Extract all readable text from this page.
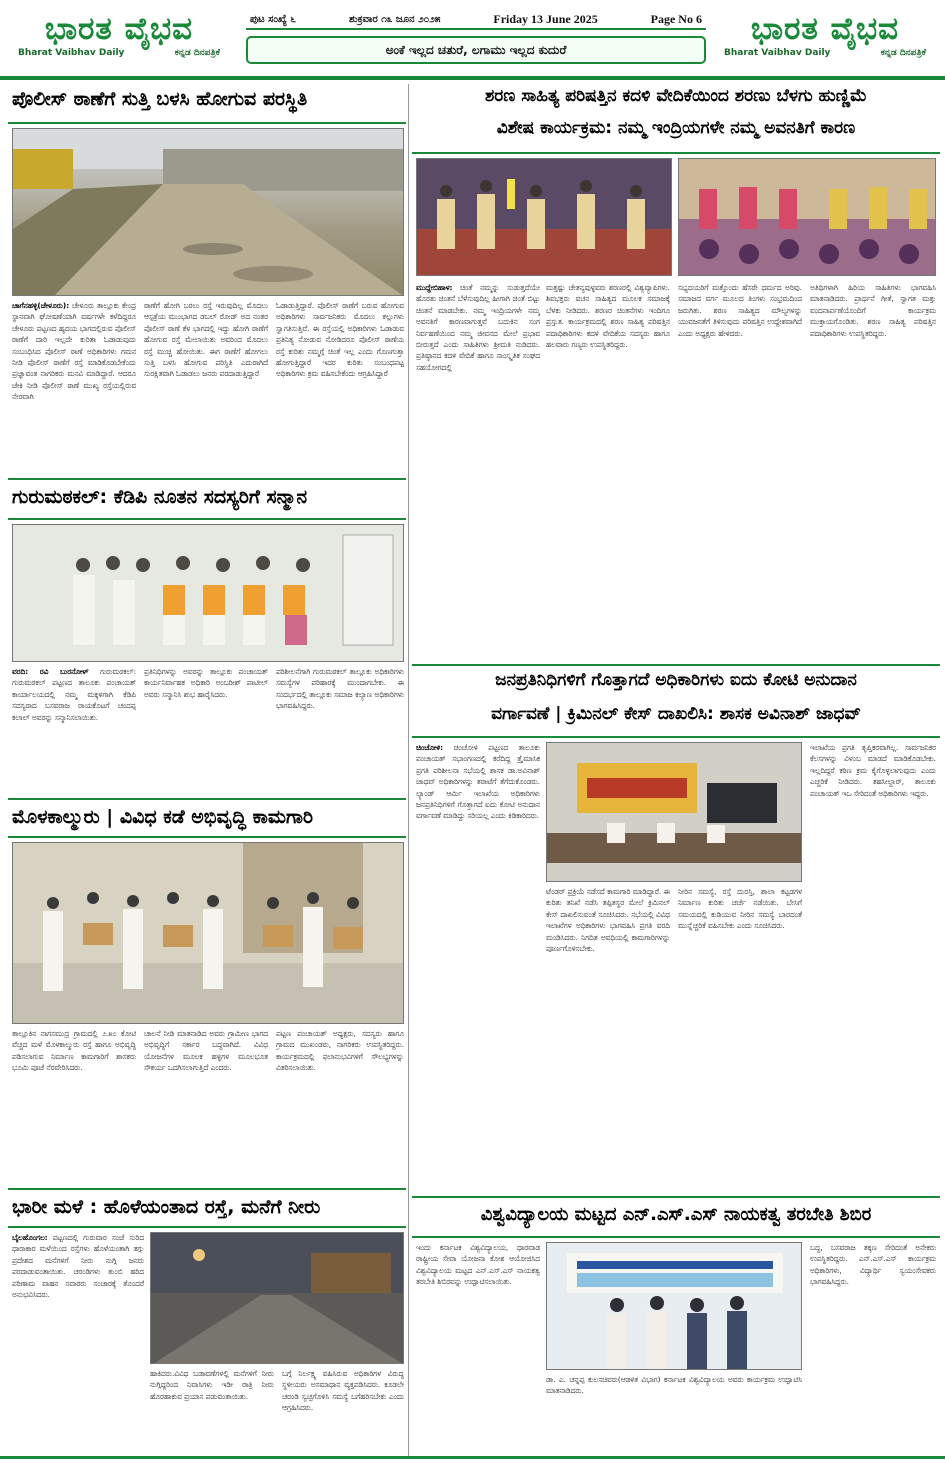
ಭಾರತ ವೈಭವ
Bharat Vaibhav Daily	ಕನ್ನಡ ದಿನಪತ್ರಿಕೆ
ಪುಟ ಸಂಖ್ಯೆ ೬	ಶುಕ್ರವಾರ ೧೩ ಜೂನ ೨೦೨೫	Friday 13 June 2025	Page No 6
ಅಂಕೆ ಇಲ್ಲದ ಚತುರೆ, ಲಗಾಮು ಇಲ್ಲದ ಕುದುರೆ
ಭಾರತ ವೈಭವ
Bharat Vaibhav Daily	ಕನ್ನಡ ದಿನಪತ್ರಿಕೆ
ಪೊಲೀಸ್ ಠಾಣೆಗೆ ಸುತ್ತಿ ಬಳಸಿ ಹೋಗುವ ಪರಸ್ಥಿತಿ
ಚಾಗೆನಹಳ್ಳಿ(ಚೇಳೂರು): ಚೇಳೂರು ತಾಲ್ಲೂಕು ಕೇಂದ್ರ ಸ್ಥಾನವಾಗಿ ಘೋಷಣೆಯಾಗಿ ವರ್ಷಗಳೇ ಕಳೆದಿದ್ದರೂ ಚೇಳೂರು ಪಟ್ಟಣದ ಹೃದಯ ಭಾಗದಲ್ಲಿರುವ ಪೊಲೀಸ್ ಠಾಣೆಗೆ ದಾರಿ ಇಲ್ಲದೇ ಕುರಿತಾ ಓಡಾಡುವುದು ಸಂಬಂಧಿಸಿದ ಪೊಲೀಸ್ ಠಾಣೆ ಅಧಿಕಾರಿಗಳು ಗಮನ ನೀಡಿ ಪೊಲೀಸ್ ಠಾಣೆಗೆ ರಸ್ತೆ ಮಾಡಿಕೊಡಬೇಕೆಂದು ಪ್ರಜ್ಞಾವಂತ ನಾಗರಿಕರು ಮನವಿ ಮಾಡಿದ್ದಾರೆ. ಆದರೂ ಜೇಕಿ ನೀಡಿ ಪೊಲೀಸ್ ಠಾಣೆ ಮುಖ್ಯ ರಸ್ತೆಯಲ್ಲಿರುವ ನೇರವಾಗಿ
ಠಾಣೆಗೆ ಹೋಗಿ ಬರಲು ರಸ್ತೆ ಇರುವುದಿಲ್ಲ ಮೊದಲು ಆಸ್ಪತ್ರೆಯ ಮುಂಭಾಗದ ಡಬಲ್ ರೋಡ್ ಅದ ನಂತರ ಪೊಲೀಸ್ ಠಾಣೆ ಕೆಳ ಭಾಗದಲ್ಲಿ ಇದ್ದು ಹೋಗಿ ಠಾಣೆಗೆ ಹೋಗುವ ರಸ್ತೆ ಮೇಲಾಯಿತು ಅವರಿಂದ ಮೊದಲು ರಸ್ತೆ ಮುಚ್ಚಿ ಹೋಯಿತು. ಈಗ ಠಾಣೆಗೆ ಹೋಗಲು ಸುತ್ತಿ ಬಳಸಿ ಹೋಗುವ ಪರಿಸ್ಥಿತಿ ಎದುರಾಗಿದೆ ಸುರಕ್ಷಿತವಾಗಿ ಓಡಾಡಲು ಜನರು ಪರದಾಡುತ್ತಿದ್ದಾರೆ
ಓಡಾಡುತ್ತಿದ್ದಾರೆ. ಪೊಲೀಸ್ ಠಾಣೆಗೆ ಬರುವ ಹೋಗುವ ಅಧಿಕಾರಿಗಳು ಸಾರ್ವಜನಿಕರು ಮೊದಲು ಕಲ್ಲುಗಳು ಸ್ವಾಗತಿಸುತ್ತಿವೆ. ಈ ರಸ್ತೆಯಲ್ಲಿ ಅಧಿಕಾರಿಗಳು ಓಡಾಡುವ ಪ್ರತಿನಿತ್ಯ ನೋಡುವ ನೋಡಿದರೂ ಪೊಲೀಸ್ ಠಾಣೆಯ ರಸ್ತೆ ಕುರಿತು ನಮ್ಮಗ್ಗೆ ಚಿಂತೆ ಇಲ್ಲ ಎಂದು ಗೊಣಗುತ್ತಾ ಹೋಗುತ್ತಿದ್ದಾರೆ ಇದರ ಕುರಿತು ಸಂಬಂಧಪಟ್ಟ ಅಧಿಕಾರಿಗಳು ಕ್ರಮ ವಹಿಸಬೇಕೆಂದು ಆಗ್ರಹಿಸಿದ್ದಾರೆ
ಗುರುಮಠಕಲ್: ಕೆಡಿಪಿ ನೂತನ ಸದಸ್ಯರಿಗೆ ಸನ್ಮಾನ
ವರದಿ: ರವಿ ಬುರನೋಳ್ ಗುರುಮಠಕಲ್: ಗುರುಮಠಕಲ್ ಪಟ್ಟಣದ ತಾಲೂಕು ಪಂಚಾಯತ್ ಕಾರ್ಯಾಲಯದಲ್ಲಿ ನಮ್ಮ ಮಕ್ಕಳಿಗಾಗಿ ಕೆಡಿಪಿ ಸದಸ್ಯರಾದ ಬಸವರಾಜ ರಾಯಕೊಟಗೆ ಚಂದಪ್ಪ ಕಲಾಲ್ ಅವರನ್ನು ಸನ್ಮಾನಿಸಲಾಯಿತು.
ಪ್ರತಿನಿಧಿಗಳನ್ನು ಅವರನ್ನು ತಾಲ್ಲೂಕು ಪಂಚಾಯತ್ ಕಾರ್ಯನಿರ್ವಾಹಕ ಅಧಿಕಾರಿ ಅಂಬರೀಶ್ ಪಾಟೀಲ್ ಅವರು ಸನ್ಮಾನಿಸಿ ಶುಭ ಹಾರೈಸಿದರು.
ಪರಿಶೀಲನೆಗಾಗಿ ಗುರುಮಠಕಲ್ ತಾಲ್ಲೂಕು ಅಧಿಕಾರಿಗಳು ಸಮಸ್ಯೆಗಳ ಪರಿಹಾರಕ್ಕೆ ಮುಂದಾಗಬೇಕು. ಈ ಸಂದರ್ಭದಲ್ಲಿ ತಾಲ್ಲೂಕು ಸಮಾಜ ಕಲ್ಯಾಣ ಅಧಿಕಾರಿಗಳು ಭಾಗವಹಿಸಿದ್ದರು.
ಮೊಳಕಾಲ್ಮುರು | ವಿವಿಧ ಕಡೆ ಅಭಿವೃದ್ಧಿ ಕಾಮಗಾರಿ
ತಾಲ್ಲೂಕಿನ ನಾಗಸಮುದ್ರ ಗ್ರಾಮದಲ್ಲಿ ೨.೫೦ ಕೋಟಿ ವೆಚ್ಚದ ಮಳೆ ಮೊಳಕಾಲ್ಮುರು ರಸ್ತೆ ಹಾಗೂ ಅಭಿವೃದ್ಧಿ ಪಡಿಸಲಾಗುವ ನಿರ್ಮಾಣ ಕಾಮಗಾರಿಗೆ ಶಾಸಕರು ಭೂಮಿ ಪೂಜೆ ನೆರವೇರಿಸಿದರು.
ಚಾಲನೆ ನೀಡಿ ಮಾತನಾಡಿದ ಅವರು ಗ್ರಾಮೀಣ ಭಾಗದ ಅಭಿವೃದ್ಧಿಗೆ ಸರ್ಕಾರ ಬದ್ಧವಾಗಿದೆ. ವಿವಿಧ ಯೋಜನೆಗಳ ಮೂಲಕ ಹಳ್ಳಿಗಳ ಮೂಲಭೂತ ಸೌಕರ್ಯ ಒದಗಿಸಲಾಗುತ್ತಿದೆ ಎಂದರು.
ಪಟ್ಟಣ ಪಂಚಾಯತ್ ಅಧ್ಯಕ್ಷರು, ಸದಸ್ಯರು ಹಾಗೂ ಗ್ರಾಮದ ಮುಖಂಡರು, ನಾಗರಿಕರು ಉಪಸ್ಥಿತರಿದ್ದರು. ಕಾರ್ಯಕ್ರಮದಲ್ಲಿ ಫಲಾನುಭವಿಗಳಿಗೆ ಸೌಲಭ್ಯಗಳನ್ನು ವಿತರಿಸಲಾಯಿತು.
ಭಾರೀ ಮಳೆ : ಹೊಳೆಯಂತಾದ ರಸ್ತೆ, ಮನೆಗೆ ನೀರು
ಬೈಲಹೊಂಗಲ: ಪಟ್ಟಣದಲ್ಲಿ ಗುರುವಾರ ಸಂಜೆ ಸುರಿದ ಧಾರಾಕಾರ ಮಳೆಯಿಂದ ರಸ್ತೆಗಳು ಹೊಳೆಯಂತಾಗಿ ತಗ್ಗು ಪ್ರದೇಶದ ಮನೆಗಳಿಗೆ ನೀರು ನುಗ್ಗಿ ಜನರು ಪರದಾಡುವಂತಾಯಿತು. ಚರಂಡಿಗಳು ತುಂಬಿ ಹರಿದ ಪರಿಣಾಮ ವಾಹನ ಸವಾರರು ಸಂಚಾರಕ್ಕೆ ತೊಂದರೆ ಅನುಭವಿಸಿದರು.
ಹಾಕಿದರು.ವಿವಿಧ ಬಡಾವಣೆಗಳಲ್ಲಿ ಮನೆಗಳಿಗೆ ನೀರು ನುಗ್ಗಿದ್ದರಿಂದ ನಿವಾಸಿಗಳು ಇಡೀ ರಾತ್ರಿ ನೀರು ಹೊರಹಾಕುವ ಪ್ರಯಾಸ ಪಡುವಂತಾಯಿತು.
ಬಗ್ಗೆ ನಿರ್ಲಕ್ಷ್ಯ ವಹಿಸಿರುವ ಅಧಿಕಾರಿಗಳ ವಿರುದ್ಧ ಸ್ಥಳೀಯರು ಅಸಮಾಧಾನ ವ್ಯಕ್ತಪಡಿಸಿದರು. ಕೂಡಲೇ ಚರಂಡಿ ಸ್ವಚ್ಛಗೊಳಿಸಿ ಸಮಸ್ಯೆ ಬಗೆಹರಿಸಬೇಕು ಎಂದು ಆಗ್ರಹಿಸಿದರು.
ಶರಣ ಸಾಹಿತ್ಯ ಪರಿಷತ್ತಿನ ಕದಳಿ ವೇದಿಕೆಯಿಂದ ಶರಣು ಬೆಳಗು ಹುಣ್ಣಿಮೆ
ವಿಶೇಷ ಕಾರ್ಯಕ್ರಮ: ನಮ್ಮ ಇಂದ್ರಿಯಗಳೇ ನಮ್ಮ ಅವನತಿಗೆ ಕಾರಣ
ಮುದ್ದೇಬಿಹಾಳ: ಚಿಂತೆ ನಮ್ಮನ್ನು ಸುಡುತ್ತದೆಯೇ ಹೊರತು ಚಿಂತನೆ ಬೆಳೆಸುವುದಿಲ್ಲ ಹೀಗಾಗಿ ಚಿಂತೆ ಬಿಟ್ಟು ಚಿಂತನೆ ಮಾಡಬೇಕು. ನಮ್ಮ ಇಂದ್ರಿಯಗಳೇ ನಮ್ಮ ಅವನತಿಗೆ ಕಾರಣವಾಗುತ್ತವೆ ಬದುಕಿನ ಸಂಗ ನಿರ್ವಹಣೆಯಿಂದ ನಮ್ಮ ಜೀವನದ ಮೇಲೆ ಪ್ರಭಾವ ಬೀರುತ್ತದೆ ಎಂದು ಸಾಹಿತಿಗಳು ಶ್ರೀಮತಿ ನುಡಿದರು. ಪ್ರತಿಷ್ಠಾನದ ಕದಳಿ ವೇದಿಕೆ ಹಾಗೂ ಸಾಂಸ್ಕೃತಿಕ ಸಂಘದ ಸಹಯೋಗದಲ್ಲಿ
ಮತ್ತಷ್ಟು ಚೇತನ್ಯವುಳ್ಳವರು ಶರಣರಲ್ಲಿ ವಿಶ್ವವ್ಯಾಪಿಗಳು. ಶಿವಭಕ್ತರು ವಚನ ಸಾಹಿತ್ಯದ ಮೂಲಕ ಸಮಾಜಕ್ಕೆ ಬೆಳಕು ನೀಡಿದರು. ಶರಣರ ಚಿಂತನೆಗಳು ಇಂದಿಗೂ ಪ್ರಸ್ತುತ. ಕಾರ್ಯಕ್ರಮದಲ್ಲಿ ಶರಣ ಸಾಹಿತ್ಯ ಪರಿಷತ್ತಿನ ಪದಾಧಿಕಾರಿಗಳು ಕದಳಿ ವೇದಿಕೆಯ ಸದಸ್ಯರು ಹಾಗೂ ಹಲವಾರು ಗಣ್ಯರು ಉಪಸ್ಥಿತರಿದ್ದರು.
ಸಭ್ಯದಯರಿಗೆ ಮತ್ತೊಂದು ಹೆಸರೇ ಧರ್ಮದ ಅರಿವು. ಸಮಾಜದ ವರ್ಗ ಮೂಲದ ತಿಂಗಳು ಸಂಭ್ರಮದಿಂದ ಜರುಗಿತು. ಶರಣ ಸಾಹಿತ್ಯದ ಮೌಲ್ಯಗಳನ್ನು ಯುವಜನತೆಗೆ ತಿಳಿಸುವುದು ಪರಿಷತ್ತಿನ ಉದ್ದೇಶವಾಗಿದೆ ಎಂದು ಅಧ್ಯಕ್ಷರು ಹೇಳಿದರು.
ಅತಿಥಿಗಳಾಗಿ ಹಿರಿಯ ಸಾಹಿತಿಗಳು ಭಾಗವಹಿಸಿ ಮಾತನಾಡಿದರು. ಪ್ರಾರ್ಥನೆ ಗೀತೆ, ಸ್ವಾಗತ ಮತ್ತು ವಂದನಾರ್ಪಣೆಯೊಂದಿಗೆ ಕಾರ್ಯಕ್ರಮ ಮುಕ್ತಾಯಗೊಂಡಿತು. ಶರಣ ಸಾಹಿತ್ಯ ಪರಿಷತ್ತಿನ ಪದಾಧಿಕಾರಿಗಳು ಉಪಸ್ಥಿತರಿದ್ದರು.
ಜನಪ್ರತಿನಿಧಿಗಳಿಗೆ ಗೊತ್ತಾಗದೆ ಅಧಿಕಾರಿಗಳು ಐದು ಕೋಟಿ ಅನುದಾನ
ವರ್ಗಾವಣೆ | ಕ್ರಿಮಿನಲ್ ಕೇಸ್ ದಾಖಲಿಸಿ: ಶಾಸಕ ಅವಿನಾಶ್ ಜಾಧವ್
ಚಿಂಚೋಳಿ: ಚಿಂಚೋಳಿ ಪಟ್ಟಣದ ತಾಲೂಕು ಪಂಚಾಯತ್ ಸಭಾಂಗಣದಲ್ಲಿ ಕರೆದಿದ್ದ ತ್ರೈಮಾಸಿಕ ಪ್ರಗತಿ ಪರಿಶೀಲನಾ ಸಭೆಯಲ್ಲಿ ಶಾಸಕ ಡಾ.ಅವಿನಾಶ್ ಜಾಧವ್ ಅಧಿಕಾರಿಗಳನ್ನು ತರಾಟೆಗೆ ತೆಗೆದುಕೊಂಡರು. ಲ್ಯಾಂಡ್ ಆರ್ಮಿ ಇಲಾಖೆಯ ಅಧಿಕಾರಿಗಳು ಜನಪ್ರತಿನಿಧಿಗಳಿಗೆ ಗೊತ್ತಾಗದೆ ಐದು ಕೋಟಿ ಅನುದಾನ ವರ್ಗಾವಣೆ ಮಾಡಿದ್ದು ಸರಿಯಲ್ಲ ಎಂದು ಕಿಡಿಕಾರಿದರು.
ಟೆಂಡರ್ ಪ್ರಕ್ರಿಯೆ ನಡೆಸದೆ ಕಾಮಗಾರಿ ಮಾಡಿದ್ದಾರೆ. ಈ ಕುರಿತು ತನಿಖೆ ನಡೆಸಿ ತಪ್ಪಿತಸ್ಥರ ಮೇಲೆ ಕ್ರಿಮಿನಲ್ ಕೇಸ್ ದಾಖಲಿಸುವಂತೆ ಸೂಚಿಸಿದರು. ಸಭೆಯಲ್ಲಿ ವಿವಿಧ ಇಲಾಖೆಗಳ ಅಧಿಕಾರಿಗಳು ಭಾಗವಹಿಸಿ ಪ್ರಗತಿ ವರದಿ ಮಂಡಿಸಿದರು. ನಿಗದಿತ ಅವಧಿಯಲ್ಲಿ ಕಾಮಗಾರಿಗಳನ್ನು ಪೂರ್ಣಗೊಳಿಸಬೇಕು.
ನೀರಿನ ಸಮಸ್ಯೆ, ರಸ್ತೆ ದುರಸ್ತಿ, ಶಾಲಾ ಕಟ್ಟಡಗಳ ನಿರ್ಮಾಣ ಕುರಿತು ಚರ್ಚೆ ನಡೆಯಿತು. ಬೇಸಿಗೆ ಸಮಯದಲ್ಲಿ ಕುಡಿಯುವ ನೀರಿನ ಸಮಸ್ಯೆ ಬಾರದಂತೆ ಮುನ್ನೆಚ್ಚರಿಕೆ ವಹಿಸಬೇಕು ಎಂದು ಸೂಚಿಸಿದರು.
ಇಲಾಖೆಯ ಪ್ರಗತಿ ತೃಪ್ತಿಕರವಾಗಿಲ್ಲ. ಸಾರ್ವಜನಿಕರ ಕೆಲಸಗಳನ್ನು ವಿಳಂಬ ಮಾಡದೆ ಮಾಡಿಕೊಡಬೇಕು. ಇಲ್ಲದಿದ್ದರೆ ಕಠಿಣ ಕ್ರಮ ಕೈಗೊಳ್ಳಲಾಗುವುದು ಎಂದು ಎಚ್ಚರಿಕೆ ನೀಡಿದರು. ತಹಸೀಲ್ದಾರ್, ತಾಲೂಕು ಪಂಚಾಯತ್ ಇಒ ಸೇರಿದಂತೆ ಅಧಿಕಾರಿಗಳು ಇದ್ದರು.
ವಿಶ್ವವಿದ್ಯಾಲಯ ಮಟ್ಟದ ಎನ್.ಎಸ್.ಎಸ್ ನಾಯಕತ್ವ ತರಬೇತಿ ಶಿಬಿರ
ಇಂದು ಕರ್ನಾಟಕ ವಿಶ್ವವಿದ್ಯಾಲಯ, ಧಾರವಾಡ ರಾಷ್ಟ್ರೀಯ ಸೇವಾ ಯೋಜನಾ ಕೋಶ ಆಯೋಜಿಸಿದ ವಿಶ್ವವಿದ್ಯಾಲಯ ಮಟ್ಟದ ಎನ್.ಎಸ್.ಎಸ್ ನಾಯಕತ್ವ ತರಬೇತಿ ಶಿಬಿರವನ್ನು ಉದ್ಘಾಟಿಸಲಾಯಿತು.
ಡಾ. ಎ. ಚನ್ನಪ್ಪ ಕುಲಸಚಿವರು(ಆಡಳಿತ ವಿಭಾಗ) ಕರ್ನಾಟಕ ವಿಶ್ವವಿದ್ಯಾಲಯ ಅವರು ಕಾರ್ಯಕ್ರಮ ಉದ್ಘಾಟಿಸಿ ಮಾತನಾಡಿದರು.
ಬದ್ಧ, ಬಸವರಾಜ ತಕ್ಕಣ ಸೇರಿದಂತೆ ಅನೇಕರು ಉಪಸ್ಥಿತರಿದ್ದರು. ಎನ್.ಎಸ್.ಎಸ್ ಕಾರ್ಯಕ್ರಮ ಅಧಿಕಾರಿಗಳು, ವಿದ್ಯಾರ್ಥಿ ಸ್ವಯಂಸೇವಕರು ಭಾಗವಹಿಸಿದ್ದರು.
